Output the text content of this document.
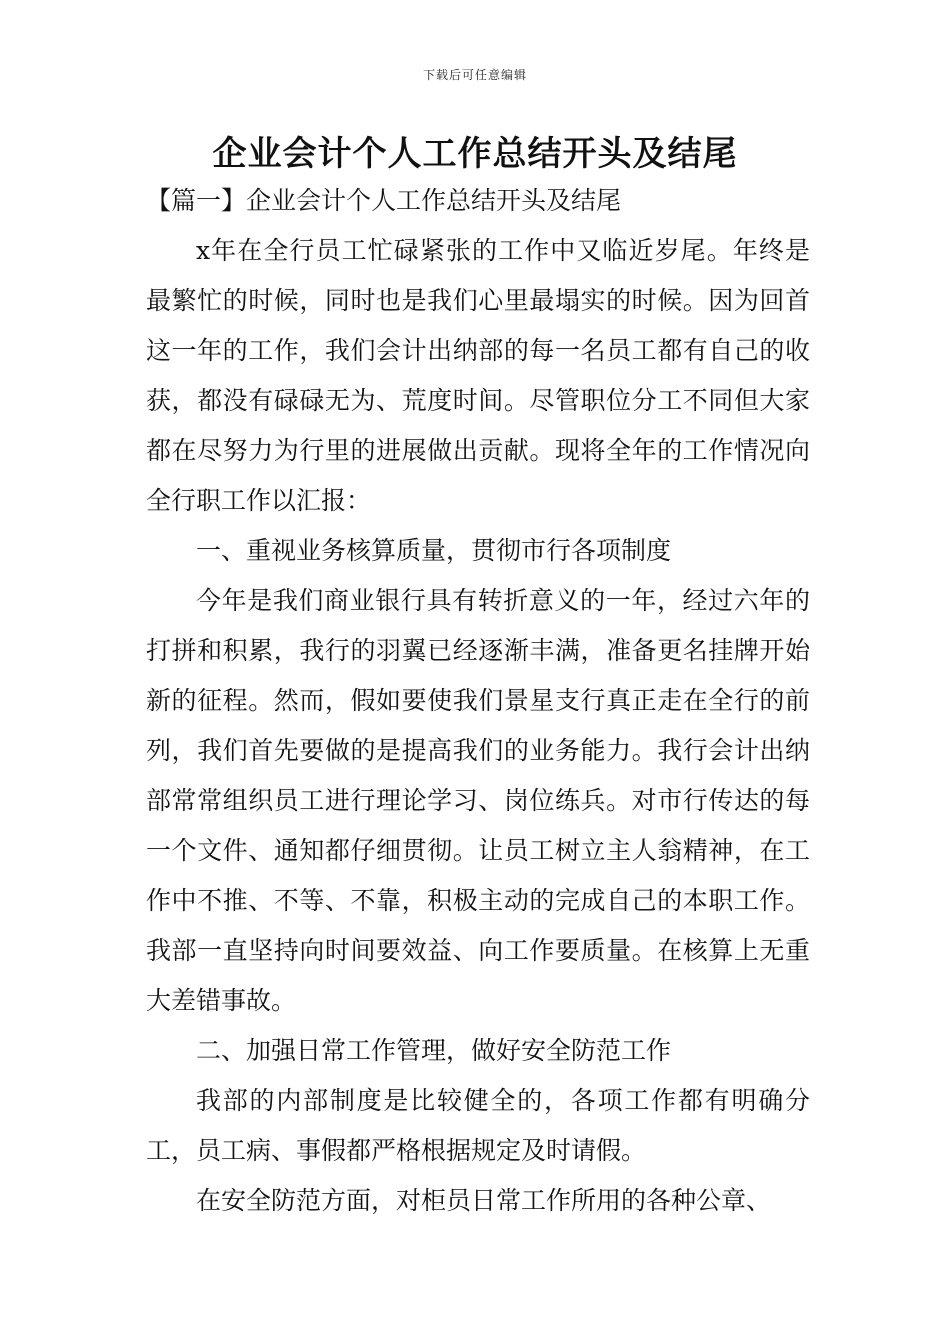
下载后可任意编辑
企业会计个人工作总结开头及结尾

【篇一】企业会计个人工作总结开头及结尾

x年在全行员工忙碌紧张的工作中又临近岁尾。年终是最繁忙的时候，同时也是我们心里最塌实的时候。因为回首这一年的工作，我们会计出纳部的每一名员工都有自己的收获，都没有碌碌无为、荒度时间。尽管职位分工不同但大家都在尽努力为行里的进展做出贡献。现将全年的工作情况向全行职工作以汇报：

一、重视业务核算质量，贯彻市行各项制度

今年是我们商业银行具有转折意义的一年，经过六年的打拼和积累，我行的羽翼已经逐渐丰满，准备更名挂牌开始新的征程。然而，假如要使我们景星支行真正走在全行的前列，我们首先要做的是提高我们的业务能力。我行会计出纳部常常组织员工进行理论学习、岗位练兵。对市行传达的每一个文件、通知都仔细贯彻。让员工树立主人翁精神，在工作中不推、不等、不靠，积极主动的完成自己的本职工作。我部一直坚持向时间要效益、向工作要质量。在核算上无重大差错事故。

二、加强日常工作管理，做好安全防范工作

我部的内部制度是比较健全的，各项工作都有明确分工，员工病、事假都严格根据规定及时请假。

在安全防范方面，对柜员日常工作所用的各种公章、
